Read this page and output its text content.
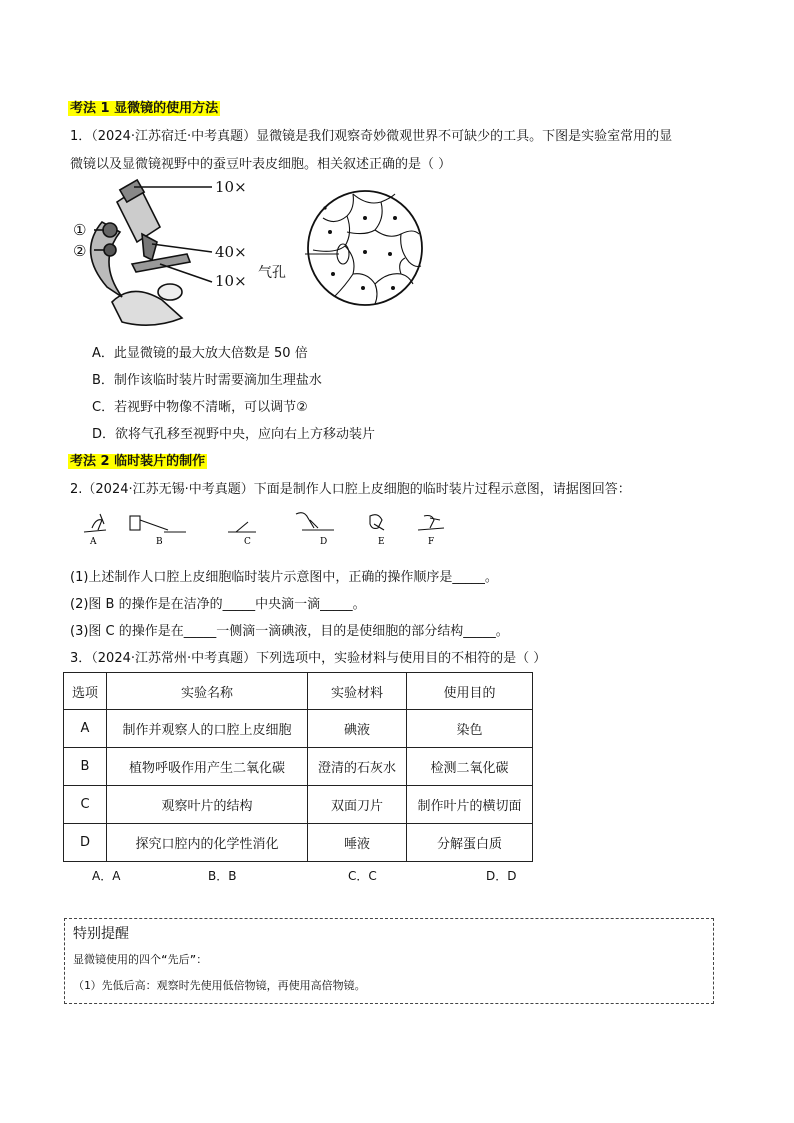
考法 1 显微镜的使用方法
1．（2024·江苏宿迁·中考真题）显微镜是我们观察奇妙微观世界不可缺少的工具。下图是实验室常用的显
微镜以及显微镜视野中的蚕豆叶表皮细胞。相关叙述正确的是（ ）
①
②
10×
40×
10× 气孔
A．此显微镜的最大放大倍数是 50 倍
B．制作该临时装片时需要滴加生理盐水
C．若视野中物像不清晰，可以调节②
D．欲将气孔移至视野中央，应向右上方移动装片
考法 2 临时装片的制作
2.（2024·江苏无锡·中考真题）下面是制作人口腔上皮细胞的临时装片过程示意图，请据图回答：
A	B	C	D	E	F
(1)上述制作人口腔上皮细胞临时装片示意图中，正确的操作顺序是_____。
(2)图 B 的操作是在洁净的_____中央滴一滴_____。
(3)图 C 的操作是在_____一侧滴一滴碘液，目的是使细胞的部分结构_____。
3．（2024·江苏常州·中考真题）下列选项中，实验材料与使用目的不相符的是（ ）
选项	实验名称	实验材料	使用目的
A	制作并观察人的口腔上皮细胞	碘液	染色
B	植物呼吸作用产生二氧化碳	澄清的石灰水	检测二氧化碳
C	观察叶片的结构	双面刀片	制作叶片的横切面
D	探究口腔内的化学性消化	唾液	分解蛋白质
A．A	B．B	C．C	D．D
特别提醒
显微镜使用的四个“先后”：
（1）先低后高：观察时先使用低倍物镜，再使用高倍物镜。
